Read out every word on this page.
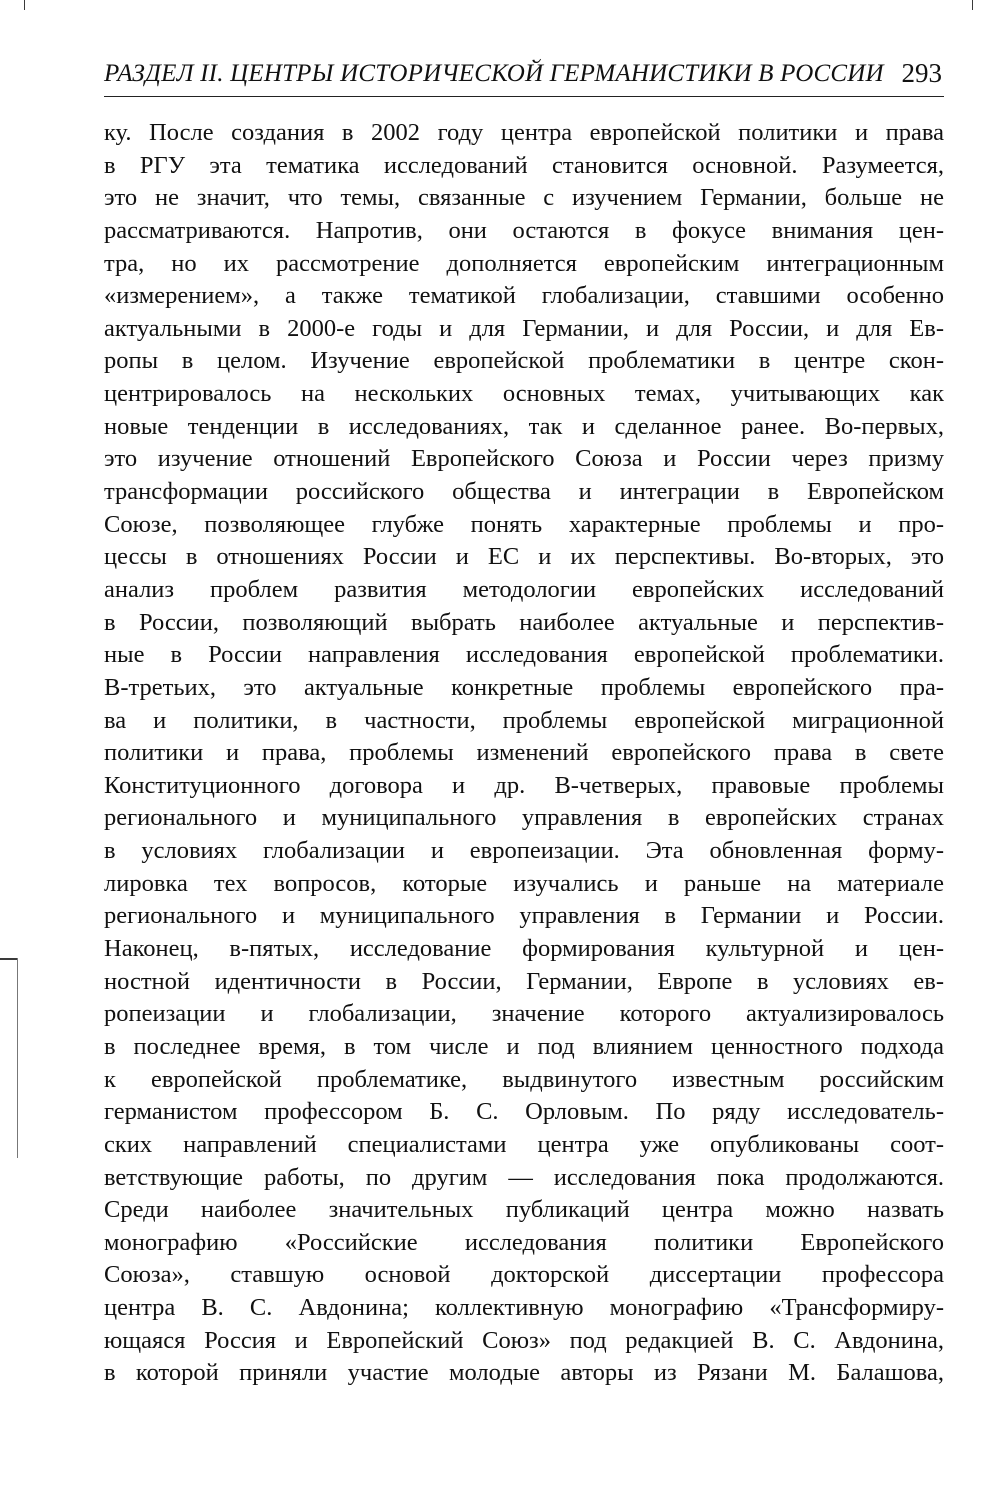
РАЗДЕЛ II. ЦЕНТРЫ ИСТОРИЧЕСКОЙ ГЕРМАНИСТИКИ В РОССИИ 293
ку. После создания в 2002 году центра европейской политики и права
в РГУ эта тематика исследований становится основной. Разумеется,
это не значит, что темы, связанные с изучением Германии, больше не
рассматриваются. Напротив, они остаются в фокусе внимания цен-
тра, но их рассмотрение дополняется европейским интеграционным
«измерением», а также тематикой глобализации, ставшими особенно
актуальными в 2000-е годы и для Германии, и для России, и для Ев-
ропы в целом. Изучение европейской проблематики в центре скон-
центрировалось на нескольких основных темах, учитывающих как
новые тенденции в исследованиях, так и сделанное ранее. Во-первых,
это изучение отношений Европейского Союза и России через призму
трансформации российского общества и интеграции в Европейском
Союзе, позволяющее глубже понять характерные проблемы и про-
цессы в отношениях России и ЕС и их перспективы. Во-вторых, это
анализ проблем развития методологии европейских исследований
в России, позволяющий выбрать наиболее актуальные и перспектив-
ные в России направления исследования европейской проблематики.
В-третьих, это актуальные конкретные проблемы европейского пра-
ва и политики, в частности, проблемы европейской миграционной
политики и права, проблемы изменений европейского права в свете
Конституционного договора и др. В-четверых, правовые проблемы
регионального и муниципального управления в европейских странах
в условиях глобализации и европеизации. Эта обновленная форму-
лировка тех вопросов, которые изучались и раньше на материале
регионального и муниципального управления в Германии и России.
Наконец, в-пятых, исследование формирования культурной и цен-
ностной идентичности в России, Германии, Европе в условиях ев-
ропеизации и глобализации, значение которого актуализировалось
в последнее время, в том числе и под влиянием ценностного подхода
к европейской проблематике, выдвинутого известным российским
германистом профессором Б. С. Орловым. По ряду исследователь-
ских направлений специалистами центра уже опубликованы соот-
ветствующие работы, по другим — исследования пока продолжаются.
Среди наиболее значительных публикаций центра можно назвать
монографию «Российские исследования политики Европейского
Союза», ставшую основой докторской диссертации профессора
центра В. С. Авдонина; коллективную монографию «Трансформиру-
ющаяся Россия и Европейский Союз» под редакцией В. С. Авдонина,
в которой приняли участие молодые авторы из Рязани М. Балашова,
